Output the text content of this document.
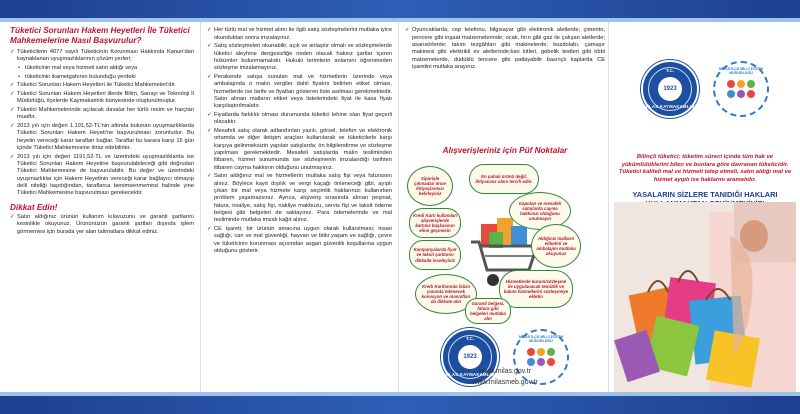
Tüketici Sorunları Hakem Heyetleri İle Tüketici Mahkemelerine Nasıl Başvurulur?
✓ Tüketicilerin 4077 sayılı Tüketicinin Korunması Hakkında Kanun'dan kaynaklanan uyuşmazlıklarının çözüm yerleri;
• tüketicinin mal veya hizmeti satın aldığı veya
• tüketicinin ikametgahının bulunduğu yerdeki
✓ Tüketici Sorunları Hakem Heyetleri ile Tüketici Mahkemeleri'dir.
✓ Tüketici Sorunları Hakem Heyetleri illerde Bilim, Sanayi ve Teknoloji İl Müdürlüğü, ilçelerde Kaymakamlık bünyesinde oluşturulmuştur.
✓ Tüketici Mahkemelerinde açılacak davalar her türlü resim ve harçtan muaftır.
✓ 2013 yılı için değeri 1.191,52-TL'nin altında bulunan uyuşmazlıklarda Tüketici Sorunları Hakem Heyeti'ne başvurulması zorunludur. Bu heyetin vereceği karar tarafları bağlar. Taraflar bu karara karşı 15 gün içinde Tüketici Mahkemesine itiraz edebilirler.
✓ 2013 yılı için değeri 1191,52-TL ve üzerindeki uyuşmazlıklarda ise Tüketici Sorunları Hakem Heyetine başvurulabileceği gibi doğrudan Tüketici Mahkemesine de başvurulabilir. Bu değer ve üzerindeki uyuşmazlıklar için Hakem Heyetinin vereceği karar bağlayıcı olmayıp delil niteliği taşıdığından, taraflarca benimsenmemesi halinde yine Tüketici Mahkemesine başvurulması gerekecektir.
Dikkat Edin!
✓ Satın aldığınız ürünün kullanım kılavuzunu ve garanti şartlarını kesinlikle okuyunuz. Ürününüzün garanti şartları dışında işlem görmemesi için burada yer alan talimatlara dikkat ediniz.
✓ Her türlü mal ve hizmet alımı ile ilgili satış sözleşmelerini mutlaka iyice okunduktan sonra imzalayınız.
✓ Satış sözleşmeleri okunabilir, açık ve anlaşılır olmalı ve sözleşmelerde tüketici aleyhine dengesizliğe neden olacak haksız şartlar içeren hükümler bulunmamalıdır. Hukuki terimlerin anlamını öğrenmeden sözleşme imzalamayınız.
✓ Perakende satışa sunulan mal ve hizmetlerin üzerinde veya ambalajında o malın vergiler dahil fiyatını belirten etiket olması, hizmetlerde ise tarife ve fiyatları gösteren liste asılması gerekmektedir. Satın alınan malların etiket veya listelerindeki fiyat ile kasa fiyatı karşılaştırılmalıdır.
✓ Fiyatlarda farklılık olması durumunda tüketici lehine olan fiyat geçerli olacaktır.
✓ Mesafeli satış olarak adlandırılan yazılı, görsel, telefon ve elektronik ortamda ve diğer iletişim araçları kullanılarak ve tüketicilerle karşı karşıya gelinmeksizin yapılan satışlarda; ön bilgilendirme ve sözleşme yapılması gerekmektedir. Mesafeli satışlarda malın tesliminden itibaren, hizmet sunumunda ise sözleşmenin imzalandığı tarihten itibaren cayma hakkının olduğunu unutmayınız.
✓ Satın aldığınız mal ve hizmetlerin mutlaka satış fişi veya faturasını alınız. Böylece kayıt dışılık ve vergi kaçağı önleneceği gibi, ayıplı çıkan bir mal veya hizmete karşı seçimlik haklarınızı kullanırken problem yaşamazsınız. Ayrıca, alışveriş sırasında alınan peşinat, fatura, irsaliye, satış fişi, nakliye makbuzu, servis fişi ve taksit ödeme belgesi gibi belgeleri de saklayınız. Para ödemelerinde ve mal tesliminde mutlaka imzalı kağıt alınız.
✓ CE işareti; bir ürünün amacına uygun olarak kullanılması; insan sağlığı, can ve mal güvenliği, hayvan ve bitki yaşam ve sağlığı, çevre ve tüketicinin korunması açısından asgari güvenlik koşullarına uygun olduğunu gösterir.
✓ Oyuncaklarda; cep telefonu, bilgisayar gibi elektronik aletlerde; çimento, pencere gibi inşaat malzemelerinde; ocak, fırın gibi gaz ile çalışan aletlerde; asansörlerde; takım tezgâhları gibi makinelerde; buzdolabı, çamaşır makinesi gibi elektrikli ev aletlerinde;kan kitleri, gebelik testleri gibi tıbbi malzemelerde, düdüklü tencere gibi patlayabilir basınçlı kaplarda CE işaretini mutlaka arayınız.
Alışverişleriniz için Püf Noktalar
Siparişle çıkmadan önce ihtiyaçlarınızı belirleyiniz
En pahalı ürünü değil, ihtiyacınız olanı tercih edin.
Kapıdan ve mesafeli satışlarda cayma hakkınızı olduğunu unutmayın
Aldığınız malların etiketini ve ambalajını mutlaka okuyunuz
Kredi Kartı kullanılan alışverişlerde kartınız başkasının eline geçmesin
Kampanyalarda fiyat ve taksit şartlarını dikkatle inceleyiniz
Kredi Kartlarında faizin yanında ödenecek komisyon ve masrafları da dikkate alın
Hizmetlerde kurum/sözleşme ile uygulanacak temizlik ve bakım hizmetlerini sözleşmeye ekletin
Garanti belgesi, fatura gibi belgeleri mutlaka alın
T.C.
1923
MİLAS KAYMAKAMLIĞI
MİLAS İLÇE MİLLİ EĞİTİM MÜDÜRLÜĞÜ
www.milas.gov.tr
www.milasmeb.gov.tr
T.C.
1923
MİLAS KAYMAKAMLIĞI
MİLAS İLÇE MİLLİ EĞİTİM MÜDÜRLÜĞÜ
Bilinçli tüketici; tüketim süreci içinde tüm hak ve yükümlülüklerini bilen ve bunlara göre davranan tüketicidir. Tüketici kaliteli mal ve hizmeti talep etmeli, satın aldığı mal ve hizmet ayıplı ise haklarını aramalıdır.
YASALARIN SİZLERE TANIDIĞI HAKLARI
